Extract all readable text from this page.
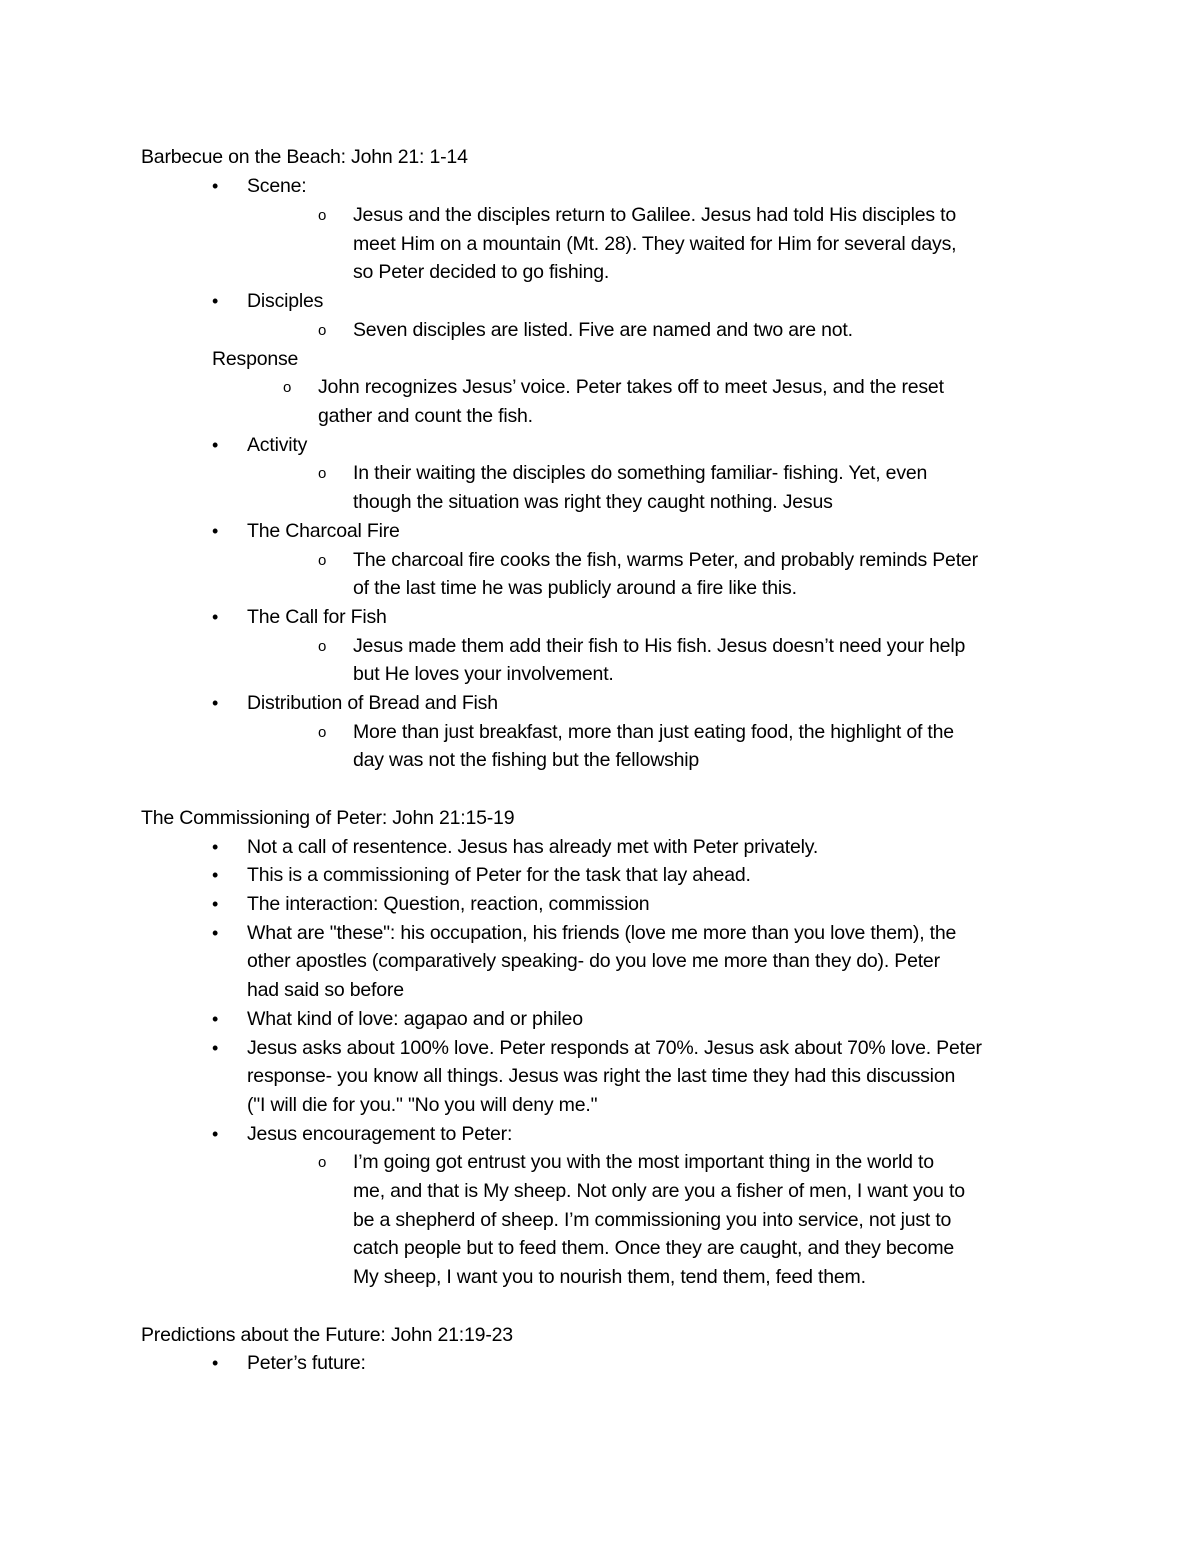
Barbecue on the Beach: John 21: 1-14
• Scene:
o Jesus and the disciples return to Galilee. Jesus had told His disciples to
meet Him on a mountain (Mt. 28). They waited for Him for several days,
so Peter decided to go fishing.
• Disciples
o Seven disciples are listed. Five are named and two are not.
Response
o John recognizes Jesus’ voice. Peter takes off to meet Jesus, and the reset
gather and count the fish.
• Activity
o In their waiting the disciples do something familiar- fishing. Yet, even
though the situation was right they caught nothing. Jesus
• The Charcoal Fire
o The charcoal fire cooks the fish, warms Peter, and probably reminds Peter
of the last time he was publicly around a fire like this.
• The Call for Fish
o Jesus made them add their fish to His fish. Jesus doesn’t need your help
but He loves your involvement.
• Distribution of Bread and Fish
o More than just breakfast, more than just eating food, the highlight of the
day was not the fishing but the fellowship
The Commissioning of Peter: John 21:15-19
• Not a call of resentence. Jesus has already met with Peter privately.
• This is a commissioning of Peter for the task that lay ahead.
• The interaction: Question, reaction, commission
• What are "these": his occupation, his friends (love me more than you love them), the
other apostles (comparatively speaking- do you love me more than they do). Peter
had said so before
• What kind of love: agapao and or phileo
• Jesus asks about 100% love. Peter responds at 70%. Jesus ask about 70% love. Peter
response- you know all things. Jesus was right the last time they had this discussion
("I will die for you." "No you will deny me."
• Jesus encouragement to Peter:
o I’m going got entrust you with the most important thing in the world to
me, and that is My sheep. Not only are you a fisher of men, I want you to
be a shepherd of sheep. I’m commissioning you into service, not just to
catch people but to feed them. Once they are caught, and they become
My sheep, I want you to nourish them, tend them, feed them.
Predictions about the Future: John 21:19-23
• Peter’s future:
